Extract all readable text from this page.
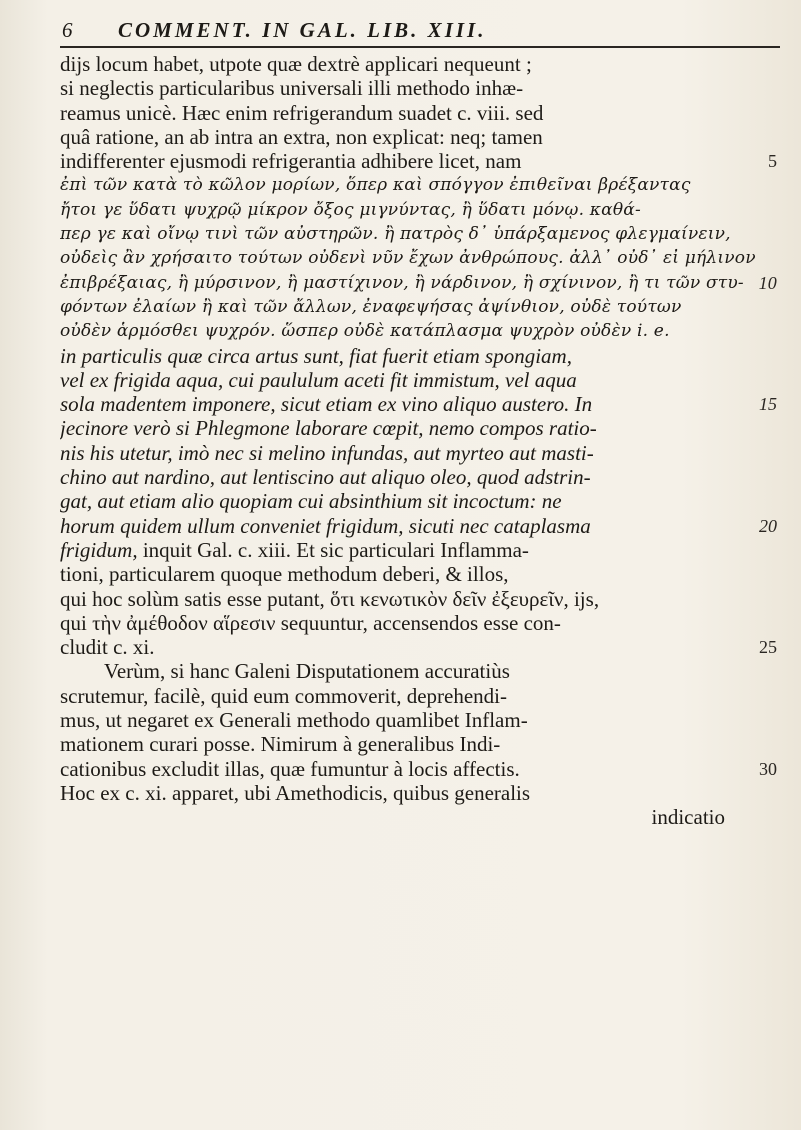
6 COMMENT. IN GAL. LIB. XIII.
dijs locum habet, utpote quæ dextrè applicari nequeunt ;
si neglectis particularibus universali illi methodo inhæ-
reamus unicè. Hæc enim refrigerandum suadet c. viii. sed
quâ ratione, an ab intra an extra, non explicat: neq; tamen
indifferenter ejusmodi refrigerantia adhibere licet, nam	5
ἐπὶ τῶν κατὰ τὸ κῶλον μορίων, ὅπερ καὶ σπόγγον ἐπιθεῖναι βρέξαντας
ἤτοι γε ὕδατι ψυχρῷ μίκρον ὄξος μιγνύντας, ἢ ὕδατι μόνῳ. καθά-
περ γε καὶ οἴνῳ τινὶ τῶν αὐστηρῶν. ἢ πατρὸς δ᾽ ὑπάρξαμενος φλεγμαίνειν,
οὐδεὶς ἂν χρήσαιτο τούτων οὐδενὶ νῦν ἔχων ἀνθρώπους. ἀλλ᾽ οὐδ᾽ εἰ μήλινον
ἐπιβρέξαιας, ἢ μύρσινον, ἢ μαστίχινον, ἢ νάρδινον, ἢ σχίνινον, ἢ τι τῶν στυ- 10
φόντων ἐλαίων ἢ καὶ τῶν ἄλλων, ἐναφεψήσας ἀψίνθιον, οὐδὲ τούτων
οὐδὲν ἁρμόσθει ψυχρόν. ὥσπερ οὐδὲ κατάπλασμα ψυχρὸν οὐδὲν i. e.
in particulis quæ circa artus sunt, fiat fuerit etiam spongiam,
vel ex frigida aqua, cui paululum aceti fit immistum, vel aqua
sola madentem imponere, sicut etiam ex vino aliquo austero. In	15
jecinore verò si Phlegmone laborare cœpit, nemo compos ratio-
nis his utetur, imò nec si melino infundas, aut myrteo aut masti-
chino aut nardino, aut lentiscino aut aliquo oleo, quod adstrin-
gat, aut etiam alio quopiam cui absinthium sit incoctum: ne
horum quidem ullum conveniet frigidum, sicuti nec cataplasma	20
frigidum, inquit Gal. c. xiii. Et sic particulari Inflamma-
tioni, particularem quoque methodum deberi, & illos,
qui hoc solùm satis esse putant, ὅτι κενωτικὸν δεῖν ἐξευρεῖν, ijs,
qui τὴν ἀμέθοδον αἵρεσιν sequuntur, accensendos esse con-
cludit c. xi.	25
Verùm, si hanc Galeni Disputationem accuratiùs
scrutemur, facilè, quid eum commoverit, deprehendi-
mus, ut negaret ex Generali methodo quamlibet Inflam-
mationem curari posse. Nimirum à generalibus Indi-
cationibus excludit illas, quæ fumuntur à locis affectis.	30
Hoc ex c. xi. apparet, ubi Amethodicis, quibus generalis
indicatio
